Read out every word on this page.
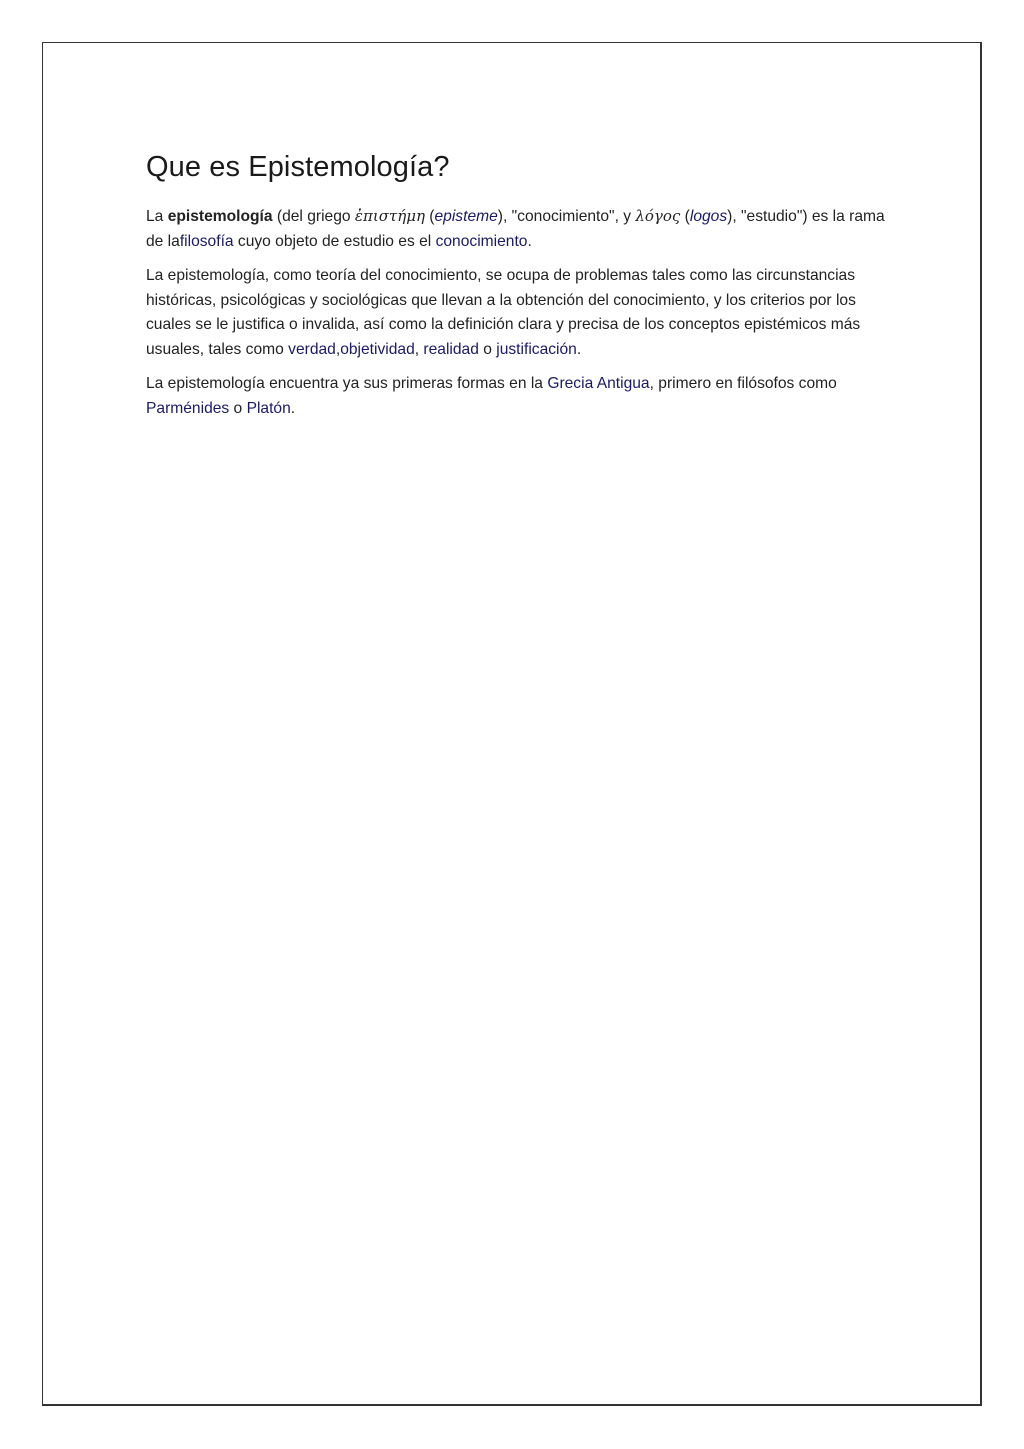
Que es Epistemología?

La epistemología (del griego ἐπιστήμη (episteme), "conocimiento", y λόγος (logos), "estudio") es la rama de lafilosofía cuyo objeto de estudio es el conocimiento.

La epistemología, como teoría del conocimiento, se ocupa de problemas tales como las circunstancias históricas, psicológicas y sociológicas que llevan a la obtención del conocimiento, y los criterios por los cuales se le justifica o invalida, así como la definición clara y precisa de los conceptos epistémicos más usuales, tales como verdad,objetividad, realidad o justificación.

La epistemología encuentra ya sus primeras formas en la Grecia Antigua, primero en filósofos como Parménides o Platón.
